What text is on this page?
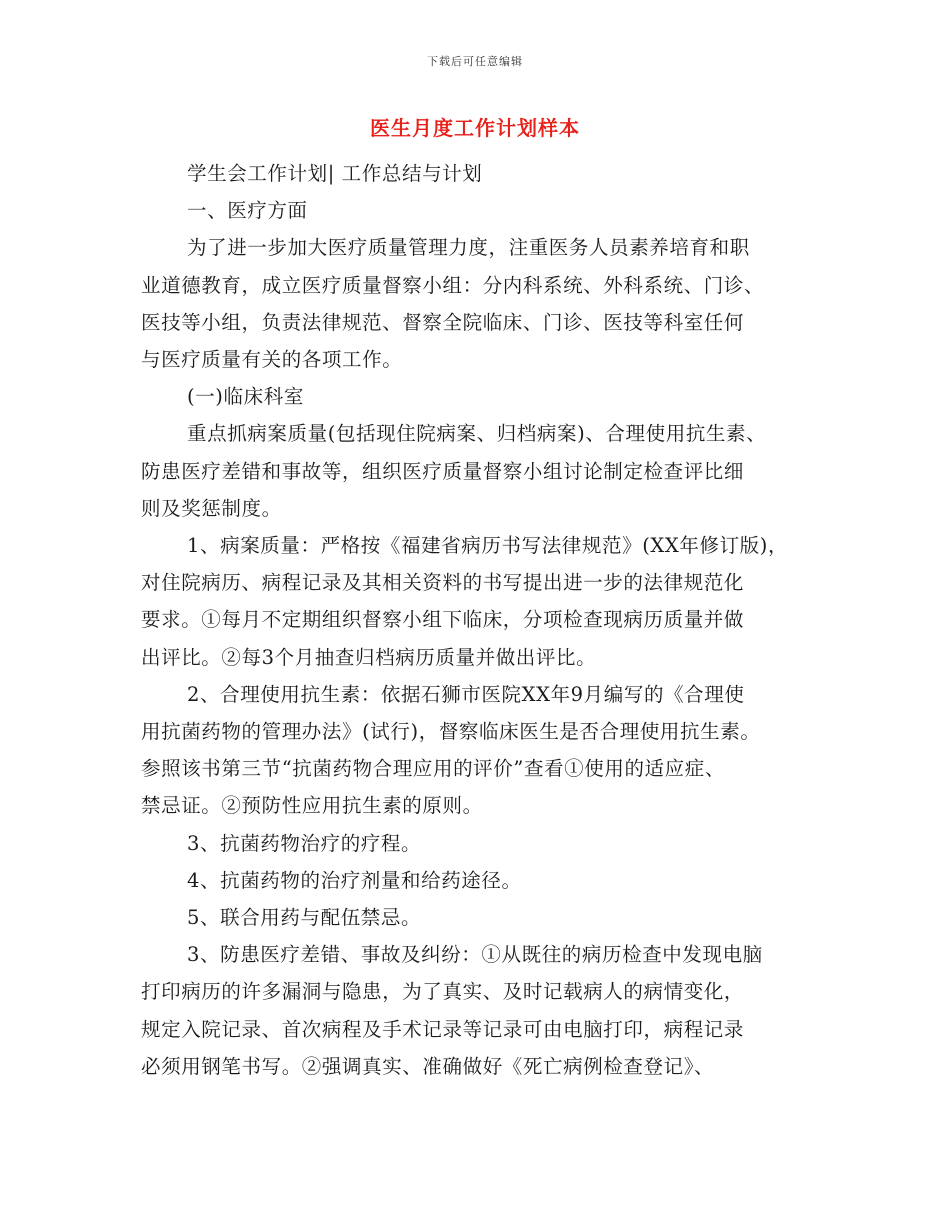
下载后可任意编辑
医生月度工作计划样本
学生会工作计划| 工作总结与计划
一、医疗方面
为了进一步加大医疗质量管理力度，注重医务人员素养培育和职
业道德教育，成立医疗质量督察小组：分内科系统、外科系统、门诊、
医技等小组，负责法律规范、督察全院临床、门诊、医技等科室任何
与医疗质量有关的各项工作。
(一)临床科室
重点抓病案质量(包括现住院病案、归档病案)、合理使用抗生素、
防患医疗差错和事故等，组织医疗质量督察小组讨论制定检查评比细
则及奖惩制度。
1、病案质量：严格按《福建省病历书写法律规范》(XX年修订版)，
对住院病历、病程记录及其相关资料的书写提出进一步的法律规范化
要求。①每月不定期组织督察小组下临床，分项检查现病历质量并做
出评比。②每3个月抽查归档病历质量并做出评比。
2、合理使用抗生素：依据石狮市医院XX年9月编写的《合理使
用抗菌药物的管理办法》(试行)，督察临床医生是否合理使用抗生素。
参照该书第三节“抗菌药物合理应用的评价”查看①使用的适应症、
禁忌证。②预防性应用抗生素的原则。
3、抗菌药物治疗的疗程。
4、抗菌药物的治疗剂量和给药途径。
5、联合用药与配伍禁忌。
3、防患医疗差错、事故及纠纷：①从既往的病历检查中发现电脑
打印病历的许多漏洞与隐患，为了真实、及时记载病人的病情变化，
规定入院记录、首次病程及手术记录等记录可由电脑打印，病程记录
必须用钢笔书写。②强调真实、准确做好《死亡病例检查登记》、
